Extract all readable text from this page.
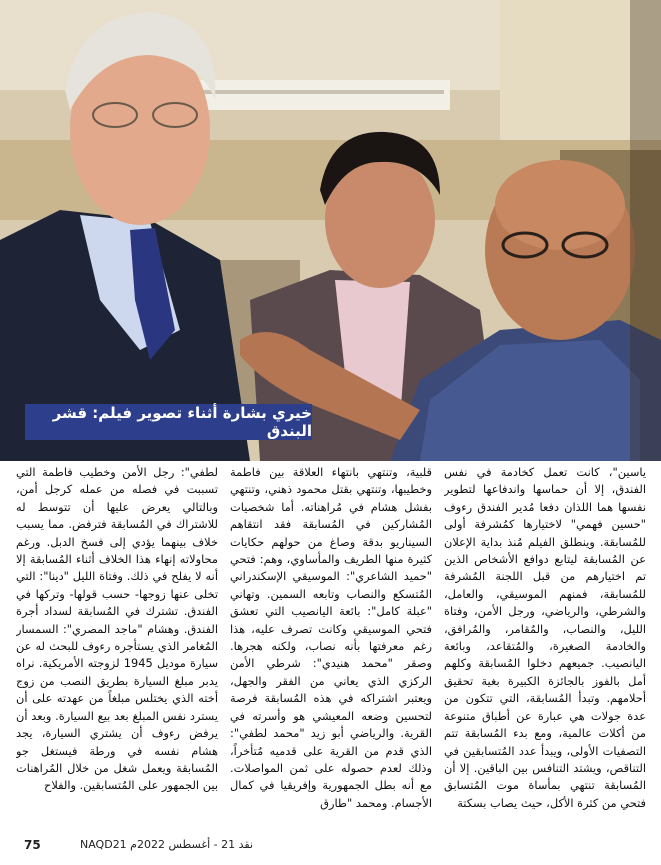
خيري بشارة أثناء تصوير فيلم: قشر البندق

ياسين"، كانت تعمل كخادمة في نفس الفندق، إلا أن حماسها واندفاعها لتطوير نفسها هما اللذان دفعا مُدير الفندق رءوف "حسين فهمي" لاختيارها كمُشرفة أولى للمُسابقة. وينطلق الفيلم مُنذ بداية الإعلان عن المُسابقة ليتابع دوافع الأشخاص الذين تم اختيارهم من قبل اللجنة المُشرفة للمُسابقة، فمنهم الموسيقي، والعامل، والشرطي، والرياضي، ورجل الأمن، وفتاة الليل، والنصاب، والمُقامر، والمُرافق، والخادمة الصغيرة، والمُتقاعد، وبائعة اليانصيب. جميعهم دخلوا المُسابقة وكلهم أمل بالفوز بالجائزة الكبيرة بغية تحقيق أحلامهم. وتبدأ المُسابقة، التي تتكون من عدة جولات هي عبارة عن أطباق متنوعة من أكلات عالمية، ومع بدء المُسابقة تتم التصفيات الأولى، ويبدأ عدد المُتسابقين في التناقص، ويشتد التنافس بين الباقين. إلا أن المُسابقة تنتهي بمأساة موت المُتسابق فتحي من كثرة الأكل، حيث يصاب بسكتة

قلبية، وتنتهي بانتهاء العلاقة بين فاطمة وخطيبها، وتنتهي بقتل محمود ذهني، وتنتهي بفشل هشام في مُراهناته. أما شخصيات المُشاركين في المُسابقة فقد انتقاهم السيناريو بدقة وصاغ من حولهم حكايات كثيرة منها الطريف والمأساوي، وهم: فتحي "حميد الشاعري": الموسيقي الإسكندراني المُتسكع والنصاب وتابعه السمين. وتهاني "عبلة كامل": بائعة اليانصيب التي تعشق فتحي الموسيقي وكانت تصرف عليه، هذا رغم معرفتها بأنه نصاب، ولكنه هجرها. وصقر "محمد هنيدي": شرطي الأمن الركزي الذي يعاني من الفقر والجهل، ويعتبر اشتراكه في هذه المُسابقة فرصة لتحسين وضعه المعيشي هو وأسرته في القرية. والرياضي أبو زيد "محمد لطفي": الذي قدم من القرية على قدميه مُتأخراً، وذلك لعدم حصوله على ثمن المواصلات. مع أنه بطل الجمهورية وإفريقيا في كمال الأجسام. ومحمد "طارق

لطفي": رجل الأمن وخطيب فاطمة التي تسببت في فصله من عمله كرجل أمن، وبالتالي يعرض عليها أن تتوسط له للاشتراك في المُسابقة فترفض. مما يسبب خلاف بينهما يؤدي إلى فسخ الدبل. ورغم محاولاته إنهاء هذا الخلاف أثناء المُسابقة إلا أنه لا يفلح في ذلك. وفتاة الليل "دينا": التي تخلى عنها زوجها- حسب قولها- وتركها في الفندق. تشترك في المُسابقة لسداد أجرة الفندق. وهشام "ماجد المصري": السمسار المُغامر الذي يستأجره رءوف للبحث له عن سيارة موديل 1945 لزوجته الأمريكية. نراه يدبر مبلغ السيارة بطريق النصب من زوج أخته الذي يختلس مبلغاً من عهدته على أن يسترد نفس المبلغ بعد بيع السيارة. وبعد أن يرفض رءوف أن يشتري السيارة، يجد هشام نفسه في ورطة فيستغل جو المُسابقة ويعمل شغل من خلال المُراهنات بين الجمهور على المُتسابقين. والفلاح

75	نقد 21 - أغسطس 2022م NAQD21
